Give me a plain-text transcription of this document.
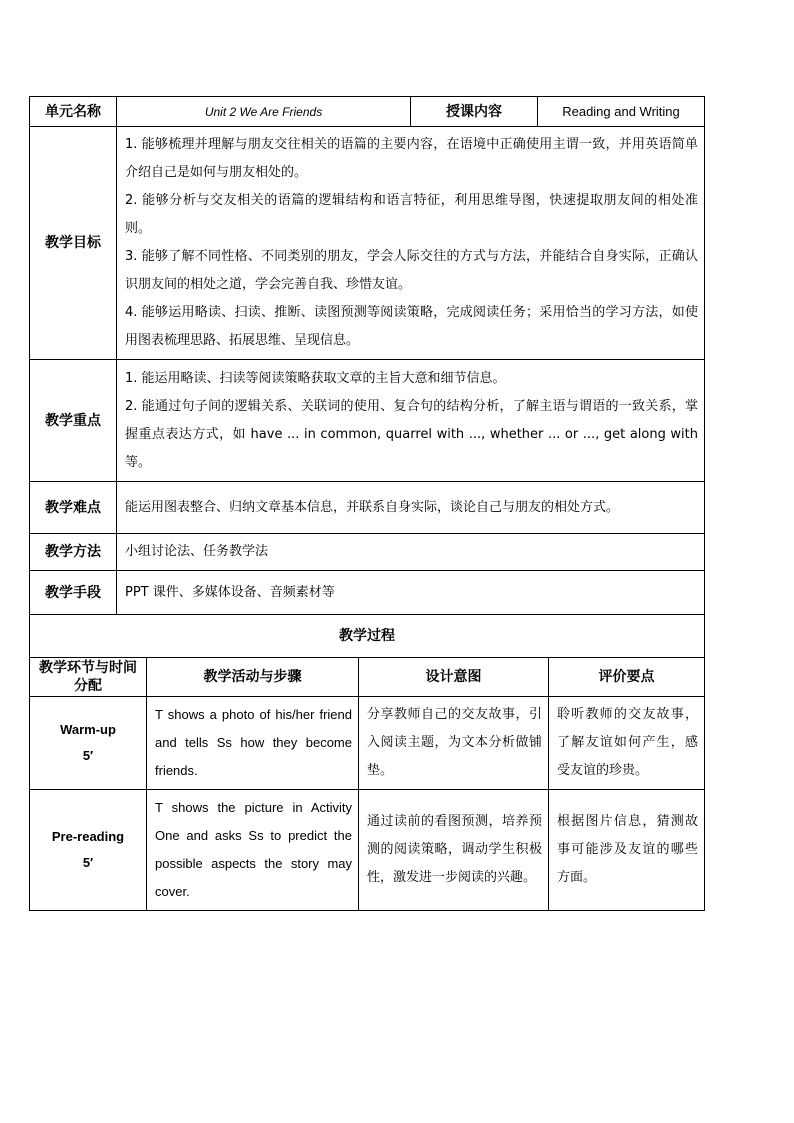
单元名称	Unit 2 We Are Friends	授课内容	Reading and Writing
教学目标	1. 能够梳理并理解与朋友交往相关的语篇的主要内容，在语境中正确使用主谓一致，并用英语简单介绍自己是如何与朋友相处的。

2. 能够分析与交友相关的语篇的逻辑结构和语言特征，利用思维导图，快速提取朋友间的相处准则。

3. 能够了解不同性格、不同类别的朋友，学会人际交往的方式与方法，并能结合自身实际，正确认识朋友间的相处之道，学会完善自我、珍惜友谊。

4. 能够运用略读、扫读、推断、读图预测等阅读策略，完成阅读任务；采用恰当的学习方法，如使用图表梳理思路、拓展思维、呈现信息。		

教学重点	1. 能运用略读、扫读等阅读策略获取文章的主旨大意和细节信息。

2. 能通过句子间的逻辑关系、关联词的使用、复合句的结构分析，了解主语与谓语的一致关系，掌握重点表达方式，如 have ... in common, quarrel with ..., whether ... or ..., get along with 等。		

教学难点	能运用图表整合、归纳文章基本信息，并联系自身实际，谈论自己与朋友的相处方式。		
教学方法	小组讨论法、任务教学法		
教学手段	PPT 课件、多媒体设备、音频素材等		
教学过程			
教学环节与时间分配	教学活动与步骤	设计意图	评价要点

Warm-up
5′	T shows a photo of his/her friend and tells Ss how they become friends.	分享教师自己的交友故事，引入阅读主题，为文本分析做铺垫。	聆听教师的交友故事，了解友谊如何产生，感受友谊的珍贵。

Pre-reading
5′	T shows the picture in Activity One and asks Ss to predict the possible aspects the story may cover.	通过读前的看图预测，培养预测的阅读策略，调动学生积极性，激发进一步阅读的兴趣。	根据图片信息，猜测故事可能涉及友谊的哪些方面。
